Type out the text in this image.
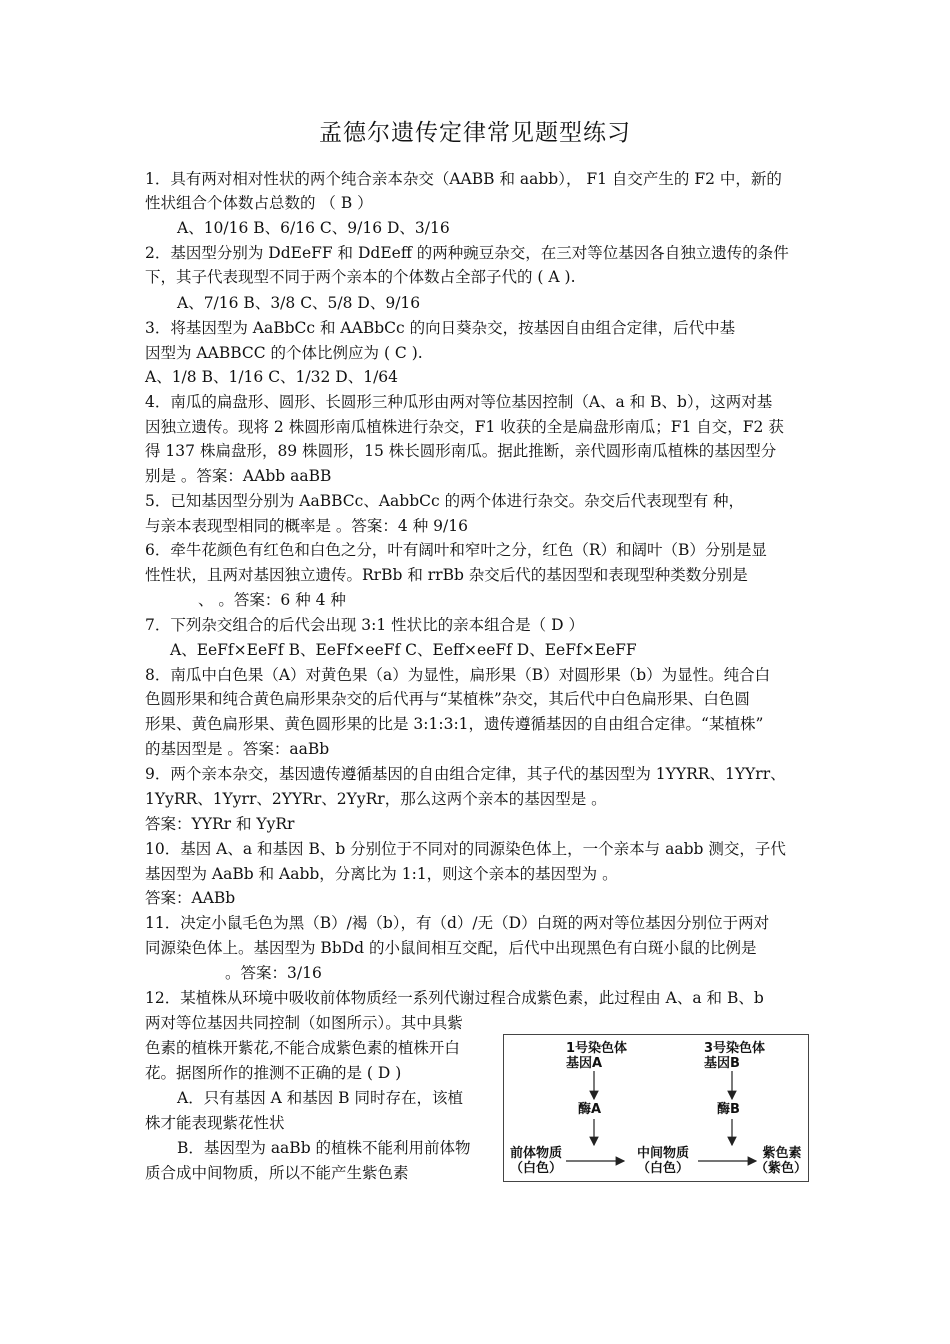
孟德尔遗传定律常见题型练习
1．具有两对相对性状的两个纯合亲本杂交（AABB 和 aabb）， F1 自交产生的 F2 中，新的
性状组合个体数占总数的 （ B ）
A、10/16 B、6/16 C、9/16 D、3/16
2．基因型分别为 DdEeFF 和 DdEeff 的两种豌豆杂交，在三对等位基因各自独立遗传的条件
下，其子代表现型不同于两个亲本的个体数占全部子代的 ( A ).
A、7/16 B、3/8 C、5/8 D、9/16
3．将基因型为 AaBbCc 和 AABbCc 的向日葵杂交，按基因自由组合定律，后代中基
因型为 AABBCC 的个体比例应为 ( C ).
A、1/8 B、1/16 C、1/32 D、1/64
4．南瓜的扁盘形、圆形、长圆形三种瓜形由两对等位基因控制（A、a 和 B、b），这两对基
因独立遗传。现将 2 株圆形南瓜植株进行杂交，F1 收获的全是扁盘形南瓜；F1 自交，F2 获
得 137 株扁盘形，89 株圆形，15 株长圆形南瓜。据此推断，亲代圆形南瓜植株的基因型分
别是 。答案：AAbb aaBB
5．已知基因型分别为 AaBBCc、AabbCc 的两个体进行杂交。杂交后代表现型有 种，
与亲本表现型相同的概率是 。答案：4 种 9/16
6．牵牛花颜色有红色和白色之分，叶有阔叶和窄叶之分，红色（R）和阔叶（B）分别是显
性性状，且两对基因独立遗传。RrBb 和 rrBb 杂交后代的基因型和表现型种类数分别是
、 。答案：6 种 4 种
7．下列杂交组合的后代会出现 3:1 性状比的亲本组合是（ D ）
A、EeFf×EeFf B、EeFf×eeFf C、Eeff×eeFf D、EeFf×EeFF
8．南瓜中白色果（A）对黄色果（a）为显性，扁形果（B）对圆形果（b）为显性。纯合白
色圆形果和纯合黄色扁形果杂交的后代再与“某植株”杂交，其后代中白色扁形果、白色圆
形果、黄色扁形果、黄色圆形果的比是 3:1:3:1，遗传遵循基因的自由组合定律。“某植株”
的基因型是 。答案：aaBb
9．两个亲本杂交，基因遗传遵循基因的自由组合定律，其子代的基因型为 1YYRR、1YYrr、
1YyRR、1Yyrr、2YYRr、2YyRr，那么这两个亲本的基因型是 。
答案：YYRr 和 YyRr
10．基因 A、a 和基因 B、b 分别位于不同对的同源染色体上，一个亲本与 aabb 测交，子代
基因型为 AaBb 和 Aabb，分离比为 1:1，则这个亲本的基因型为 。
答案：AABb
11．决定小鼠毛色为黑（B）/褐（b），有（d）/无（D）白斑的两对等位基因分别位于两对
同源染色体上。基因型为 BbDd 的小鼠间相互交配，后代中出现黑色有白斑小鼠的比例是
。答案：3/16
12．某植株从环境中吸收前体物质经一系列代谢过程合成紫色素，此过程由 A、a 和 B、b
两对等位基因共同控制（如图所示）。其中具紫
色素的植株开紫花,不能合成紫色素的植株开白
花。据图所作的推测不正确的是 ( D )
A．只有基因 A 和基因 B 同时存在，该植
株才能表现紫花性状
B．基因型为 aaBb 的植株不能利用前体物
质合成中间物质，所以不能产生紫色素
1号染色体
基因A
3号染色体
基因B
酶A	酶B
前体物质
（白色）
中间物质
（白色）
紫色素
（紫色）
